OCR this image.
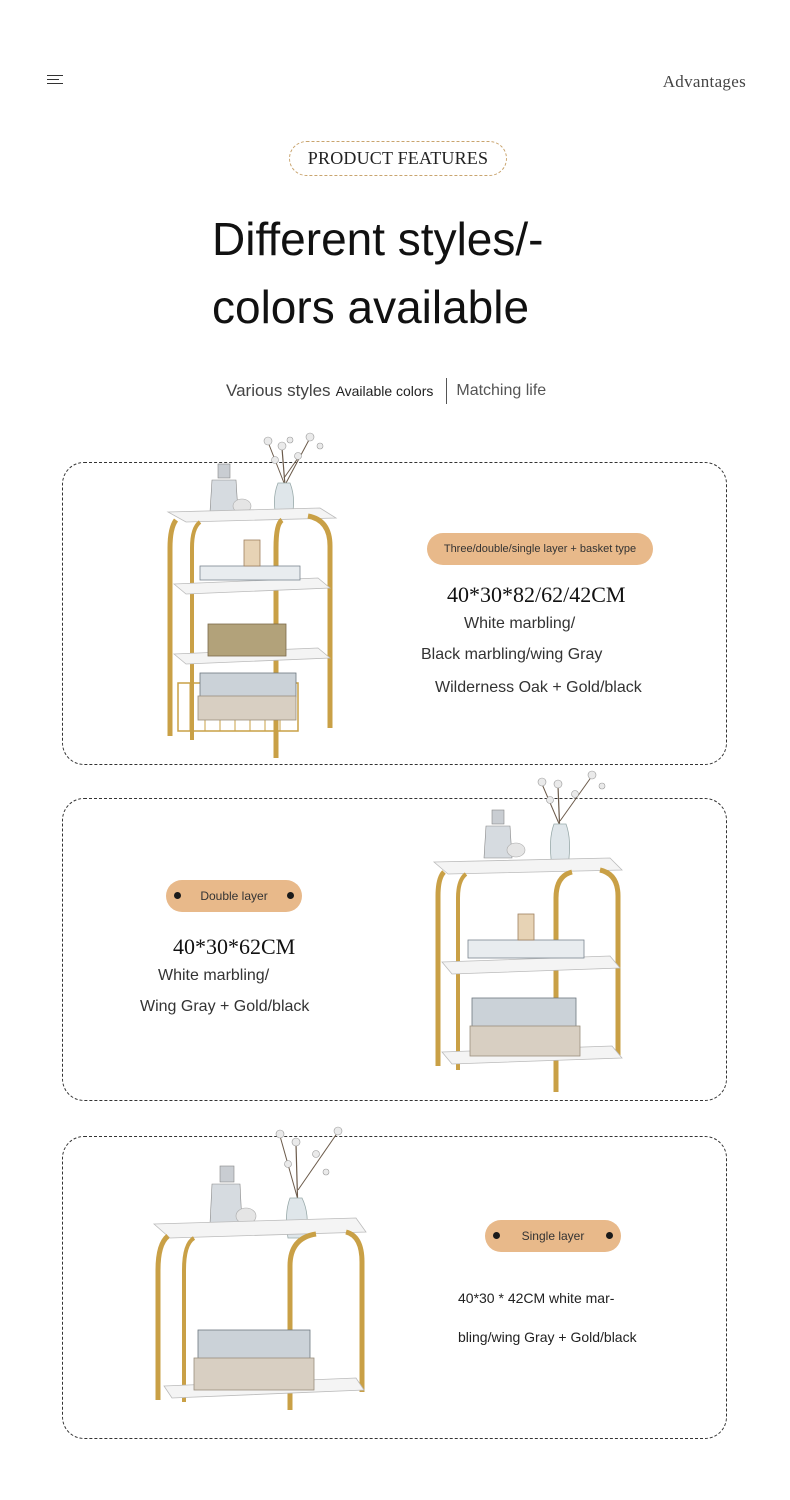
Advantages
PRODUCT FEATURES
Different styles/-
colors available
Various styles Available colors Matching life
Three/double/single layer + basket type
40*30*82/62/42CM
White marbling/
Black marbling/wing Gray
Wilderness Oak + Gold/black
Double layer
40*30*62CM
White marbling/
Wing Gray + Gold/black
Single layer
40*30 * 42CM white mar-
bling/wing Gray + Gold/black
